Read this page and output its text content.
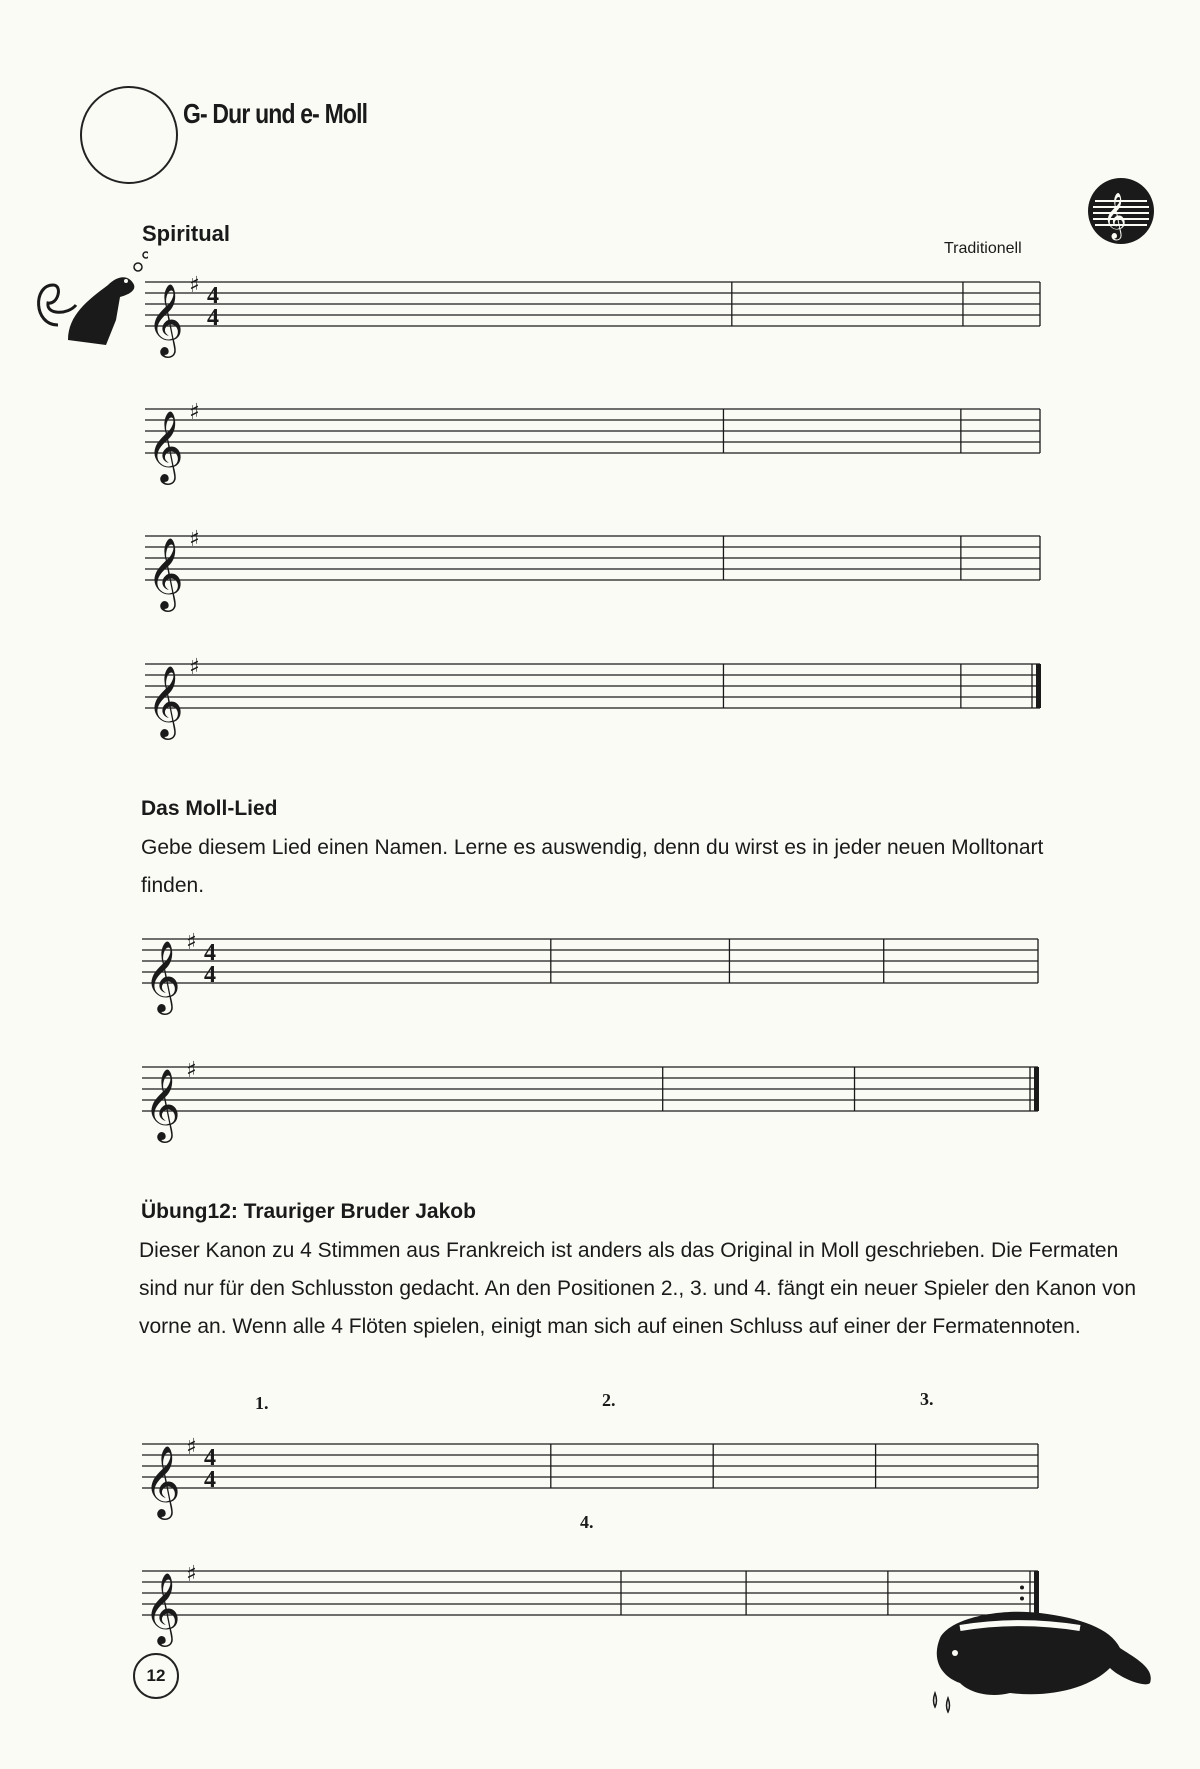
G- Dur und e- Moll
𝄞
Spiritual
Traditionell
𝄞 ♯ 4
4
𝄞 ♯
𝄞 ♯
𝄞 ♯
Das Moll-Lied
Gebe diesem Lied einen Namen. Lerne es auswendig, denn du wirst es in jeder neuen Molltonart finden.
𝄞 ♯ 4
4
𝄞 ♯
Übung12: Trauriger Bruder Jakob
Dieser Kanon zu 4 Stimmen aus Frankreich ist anders als das Original in Moll geschrieben. Die Fermaten sind nur für den Schlusston gedacht. An den Positionen 2., 3. und 4. fängt ein neuer Spieler den Kanon von vorne an. Wenn alle 4 Flöten spielen, einigt man sich auf einen Schluss auf einer der Fermatennoten.
1.	2.	3.
4.
𝄞 ♯ 4
4
𝄞 ♯
12
